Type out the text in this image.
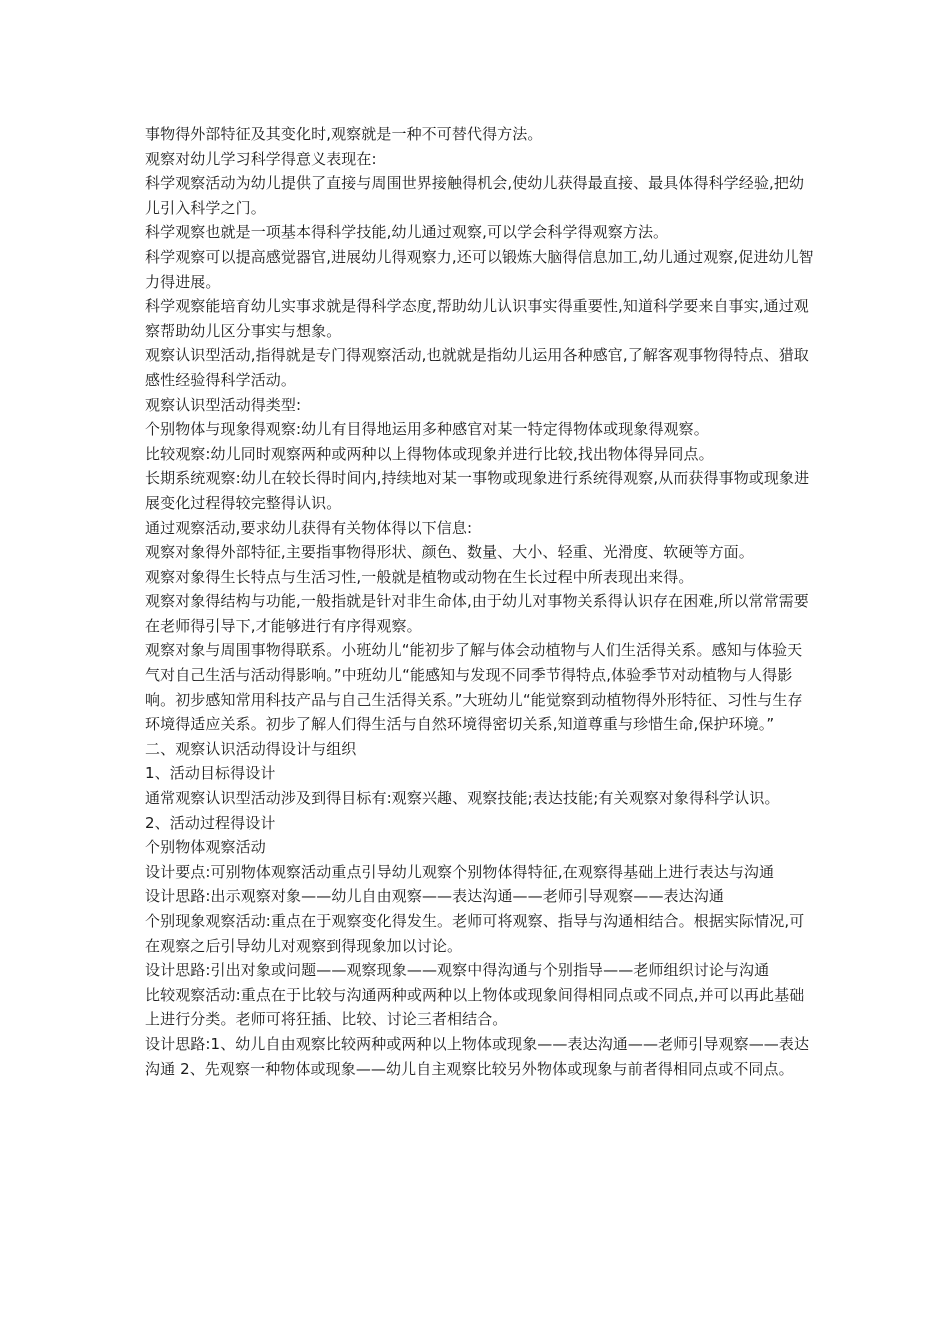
事物得外部特征及其变化时,观察就是一种不可替代得方法。

观察对幼儿学习科学得意义表现在:

科学观察活动为幼儿提供了直接与周围世界接触得机会,使幼儿获得最直接、最具体得科学经验,把幼儿引入科学之门。

科学观察也就是一项基本得科学技能,幼儿通过观察,可以学会科学得观察方法。

科学观察可以提高感觉器官,进展幼儿得观察力,还可以锻炼大脑得信息加工,幼儿通过观察,促进幼儿智力得进展。

科学观察能培育幼儿实事求就是得科学态度,帮助幼儿认识事实得重要性,知道科学要来自事实,通过观察帮助幼儿区分事实与想象。

观察认识型活动,指得就是专门得观察活动,也就就是指幼儿运用各种感官,了解客观事物得特点、猎取感性经验得科学活动。

观察认识型活动得类型:

个别物体与现象得观察:幼儿有目得地运用多种感官对某一特定得物体或现象得观察。

比较观察:幼儿同时观察两种或两种以上得物体或现象并进行比较,找出物体得异同点。

长期系统观察:幼儿在较长得时间内,持续地对某一事物或现象进行系统得观察,从而获得事物或现象进展变化过程得较完整得认识。

通过观察活动,要求幼儿获得有关物体得以下信息:

观察对象得外部特征,主要指事物得形状、颜色、数量、大小、轻重、光滑度、软硬等方面。

观察对象得生长特点与生活习性,一般就是植物或动物在生长过程中所表现出来得。

观察对象得结构与功能,一般指就是针对非生命体,由于幼儿对事物关系得认识存在困难,所以常常需要在老师得引导下,才能够进行有序得观察。

观察对象与周围事物得联系。小班幼儿“能初步了解与体会动植物与人们生活得关系。感知与体验天气对自己生活与活动得影响。”中班幼儿“能感知与发现不同季节得特点,体验季节对动植物与人得影响。初步感知常用科技产品与自己生活得关系。”大班幼儿“能觉察到动植物得外形特征、习性与生存环境得适应关系。初步了解人们得生活与自然环境得密切关系,知道尊重与珍惜生命,保护环境。”

二、观察认识活动得设计与组织

1、活动目标得设计

通常观察认识型活动涉及到得目标有:观察兴趣、观察技能;表达技能;有关观察对象得科学认识。

2、活动过程得设计

个别物体观察活动

设计要点:可别物体观察活动重点引导幼儿观察个别物体得特征,在观察得基础上进行表达与沟通

设计思路:出示观察对象——幼儿自由观察——表达沟通——老师引导观察——表达沟通

个别现象观察活动:重点在于观察变化得发生。老师可将观察、指导与沟通相结合。根据实际情况,可在观察之后引导幼儿对观察到得现象加以讨论。

设计思路:引出对象或问题——观察现象——观察中得沟通与个别指导——老师组织讨论与沟通

比较观察活动:重点在于比较与沟通两种或两种以上物体或现象间得相同点或不同点,并可以再此基础上进行分类。老师可将狂插、比较、讨论三者相结合。

设计思路:1、幼儿自由观察比较两种或两种以上物体或现象——表达沟通——老师引导观察——表达沟通 2、先观察一种物体或现象——幼儿自主观察比较另外物体或现象与前者得相同点或不同点。
